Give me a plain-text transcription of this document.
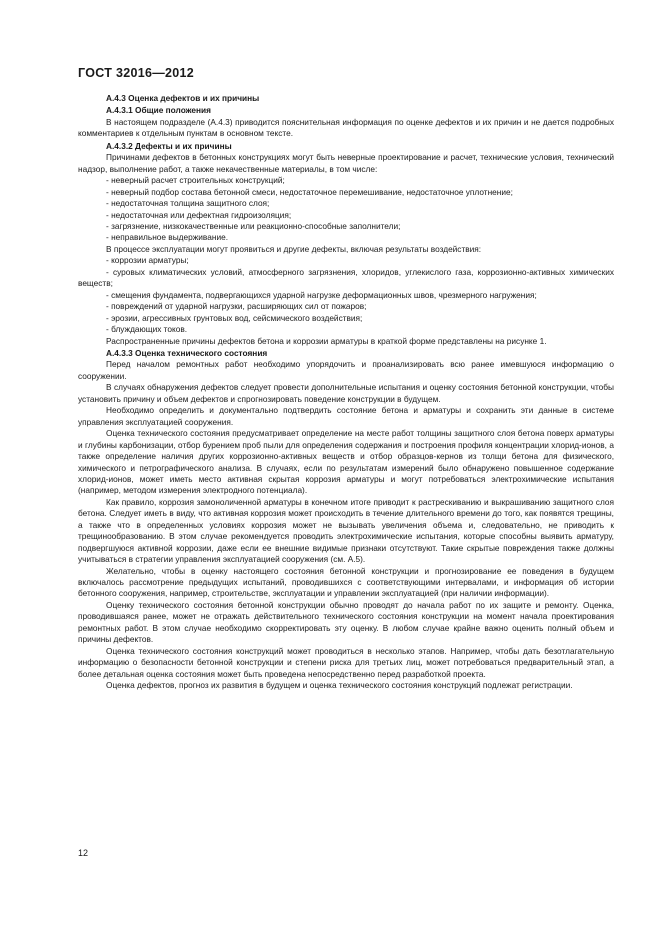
ГОСТ 32016—2012

А.4.3 Оценка дефектов и их причины

А.4.3.1 Общие положения

В настоящем подразделе (А.4.3) приводится пояснительная информация по оценке дефектов и их причин и не дается подробных комментариев к отдельным пунктам в основном тексте.

А.4.3.2 Дефекты и их причины

Причинами дефектов в бетонных конструкциях могут быть неверные проектирование и расчет, технические условия, технический надзор, выполнение работ, а также некачественные материалы, в том числе:

- неверный расчет строительных конструкций;

- неверный подбор состава бетонной смеси, недостаточное перемешивание, недостаточное уплотнение;

- недостаточная толщина защитного слоя;

- недостаточная или дефектная гидроизоляция;

- загрязнение, низкокачественные или реакционно-способные заполнители;

- неправильное выдерживание.

В процессе эксплуатации могут проявиться и другие дефекты, включая результаты воздействия:

- коррозии арматуры;

- суровых климатических условий, атмосферного загрязнения, хлоридов, углекислого газа, коррозионно-активных химических веществ;

- смещения фундамента, подвергающихся ударной нагрузке деформационных швов, чрезмерного нагружения;

- повреждений от ударной нагрузки, расширяющих сил от пожаров;

- эрозии, агрессивных грунтовых вод, сейсмического воздействия;

- блуждающих токов.

Распространенные причины дефектов бетона и коррозии арматуры в краткой форме представлены на рисунке 1.

А.4.3.3 Оценка технического состояния

Перед началом ремонтных работ необходимо упорядочить и проанализировать всю ранее имевшуюся информацию о сооружении.

В случаях обнаружения дефектов следует провести дополнительные испытания и оценку состояния бетонной конструкции, чтобы установить причину и объем дефектов и спрогнозировать поведение конструкции в будущем.

Необходимо определить и документально подтвердить состояние бетона и арматуры и сохранить эти данные в системе управления эксплуатацией сооружения.

Оценка технического состояния предусматривает определение на месте работ толщины защитного слоя бетона поверх арматуры и глубины карбонизации, отбор бурением проб пыли для определения содержания и построения профиля концентрации хлорид-ионов, а также определение наличия других коррозионно-активных веществ и отбор образцов-кернов из толщи бетона для физического, химического и петрографического анализа. В случаях, если по результатам измерений было обнаружено повышенное содержание хлорид-ионов, может иметь место активная скрытая коррозия арматуры и могут потребоваться электрохимические испытания (например, методом измерения электродного потенциала).

Как правило, коррозия замоноличенной арматуры в конечном итоге приводит к растрескиванию и выкрашиванию защитного слоя бетона. Следует иметь в виду, что активная коррозия может происходить в течение длительного времени до того, как появятся трещины, а также что в определенных условиях коррозия может не вызывать увеличения объема и, следовательно, не приводить к трещинообразованию. В этом случае рекомендуется проводить электрохимические испытания, которые способны выявить арматуру, подвергшуюся активной коррозии, даже если ее внешние видимые признаки отсутствуют. Такие скрытые повреждения также должны учитываться в стратегии управления эксплуатацией сооружения (см. А.5).

Желательно, чтобы в оценку настоящего состояния бетонной конструкции и прогнозирование ее поведения в будущем включалось рассмотрение предыдущих испытаний, проводившихся с соответствующими интервалами, и информация об истории бетонного сооружения, например, строительстве, эксплуатации и управлении эксплуатацией (при наличии информации).

Оценку технического состояния бетонной конструкции обычно проводят до начала работ по их защите и ремонту. Оценка, проводившаяся ранее, может не отражать действительного технического состояния конструкции на момент начала проектирования ремонтных работ. В этом случае необходимо скорректировать эту оценку. В любом случае крайне важно оценить полный объем и причины дефектов.

Оценка технического состояния конструкций может проводиться в несколько этапов. Например, чтобы дать безотлагательную информацию о безопасности бетонной конструкции и степени риска для третьих лиц, может потребоваться предварительный этап, а более детальная оценка состояния может быть проведена непосредственно перед разработкой проекта.

Оценка дефектов, прогноз их развития в будущем и оценка технического состояния конструкций подлежат регистрации.

12
